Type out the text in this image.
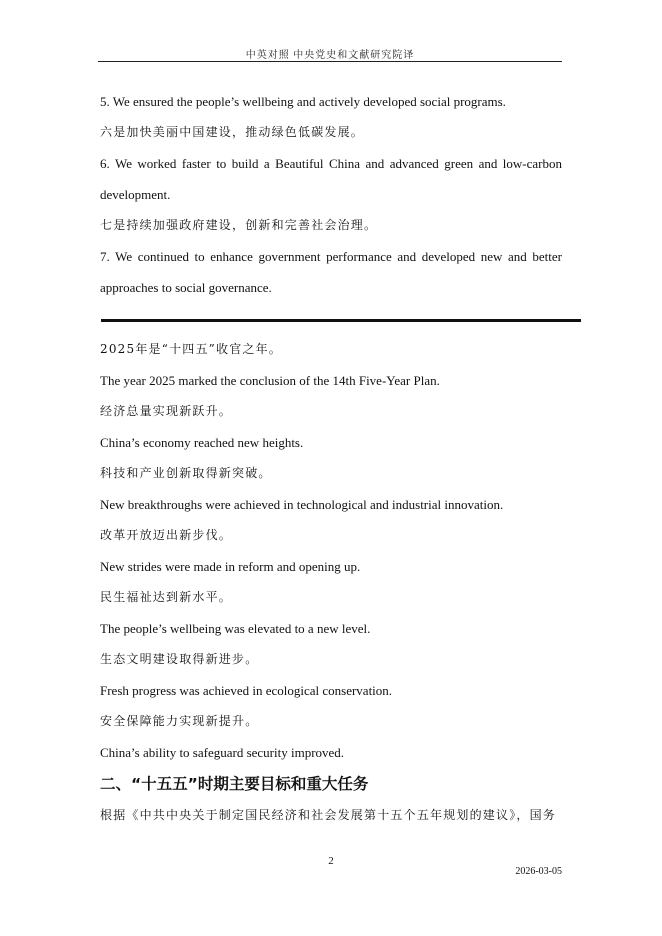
中英对照 中央党史和文献研究院译

5. We ensured the people’s wellbeing and actively developed social programs.

六是加快美丽中国建设，推动绿色低碳发展。

6. We worked faster to build a Beautiful China and advanced green and low-carbon development.

七是持续加强政府建设，创新和完善社会治理。

7. We continued to enhance government performance and developed new and better approaches to social governance.

2025年是“十四五”收官之年。

The year 2025 marked the conclusion of the 14th Five-Year Plan.

经济总量实现新跃升。

China’s economy reached new heights.

科技和产业创新取得新突破。

New breakthroughs were achieved in technological and industrial innovation.

改革开放迈出新步伐。

New strides were made in reform and opening up.

民生福祉达到新水平。

The people’s wellbeing was elevated to a new level.

生态文明建设取得新进步。

Fresh progress was achieved in ecological conservation.

安全保障能力实现新提升。

China’s ability to safeguard security improved.

二、“十五五”时期主要目标和重大任务

根据《中共中央关于制定国民经济和社会发展第十五个五年规划的建议》，国务

2
2026-03-05
